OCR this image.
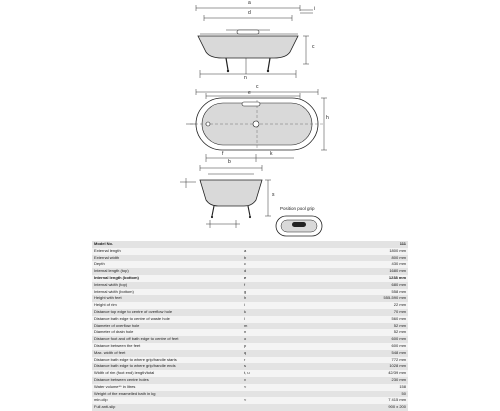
a
d
c
i
n
c
e
h
k
f
b
s
Position pool grip
Model No.		111
External length	a	1800 mm
External width	b	800 mm
Depth	c	430 mm
Internal length (top)	d	1680 mm
Internal length (bottom)	e	1238 mm
Internal width (top)	f	680 mm
Internal width (bottom)	g	558 mm
Height with feet	h	555-590 mm
Height of rim	i	22 mm
Distance top edge to centre of overflow hole	k	70 mm
Distance bath edge to centre of waste hole	l	560 mm
Diameter of overflow hole	m	52 mm
Diameter of drain hole	n	52 mm
Distance foot and off bath edge to centre of feet	o	600 mm
Distance between the feet	p	600 mm
Max. width of feet	q	548 mm
Distance bath edge to where grip/handle starts	r	772 mm
Distance bath edge to where grip/handle ends	s	1028 mm
Width of rim (foot end) length/total	t, u	42/39 mm
Distance between centre holes	v	230 mm
Water volume** in litres	≈	158
Weight of the enamelled bath in kg		50
min.clip	≈	7 415 mm
Full anti-slip		900 x 200
